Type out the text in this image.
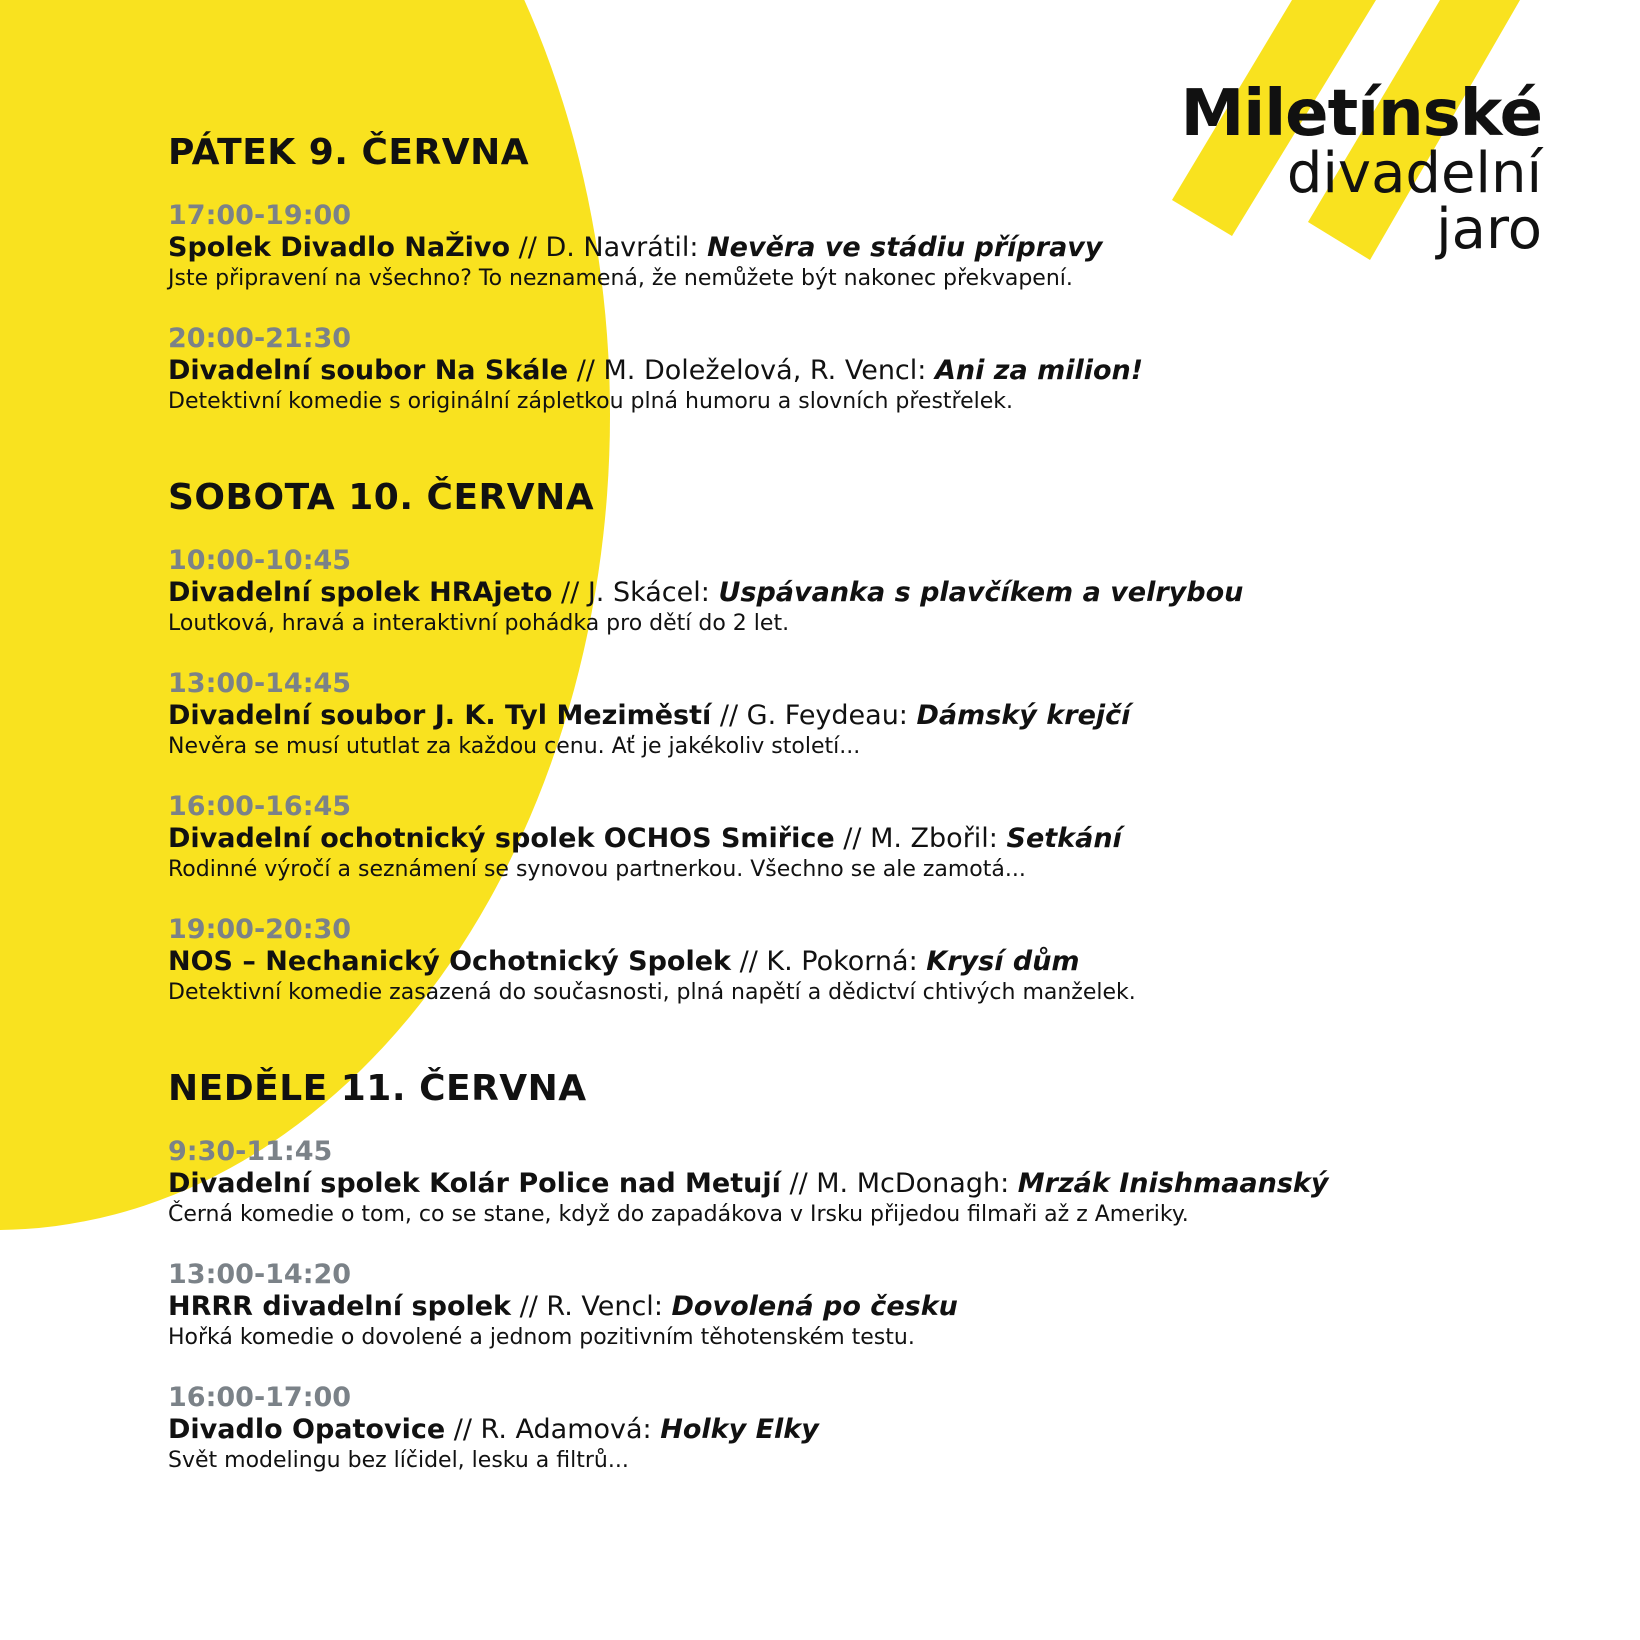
Miletínské
divadelní
jaro
PÁTEK 9. ČERVNA
17:00-19:00
Spolek Divadlo NaŽivo // D. Navrátil: Nevěra ve stádiu přípravy
Jste připravení na všechno? To neznamená, že nemůžete být nakonec překvapení.
20:00-21:30
Divadelní soubor Na Skále // M. Doleželová, R. Vencl: Ani za milion!
Detektivní komedie s originální zápletkou plná humoru a slovních přestřelek.
SOBOTA 10. ČERVNA
10:00-10:45
Divadelní spolek HRAjeto // J. Skácel: Uspávanka s plavčíkem a velrybou
Loutková, hravá a interaktivní pohádka pro dětí do 2 let.
13:00-14:45
Divadelní soubor J. K. Tyl Meziměstí // G. Feydeau: Dámský krejčí
Nevěra se musí ututlat za každou cenu. Ať je jakékoliv století...
16:00-16:45
Divadelní ochotnický spolek OCHOS Smiřice // M. Zbořil: Setkání
Rodinné výročí a seznámení se synovou partnerkou. Všechno se ale zamotá...
19:00-20:30
NOS – Nechanický Ochotnický Spolek // K. Pokorná: Krysí dům
Detektivní komedie zasazená do současnosti, plná napětí a dědictví chtivých manželek.
NEDĚLE 11. ČERVNA
9:30-11:45
Divadelní spolek Kolár Police nad Metují // M. McDonagh: Mrzák Inishmaanský
Černá komedie o tom, co se stane, když do zapadákova v Irsku přijedou filmaři až z Ameriky.
13:00-14:20
HRRR divadelní spolek // R. Vencl: Dovolená po česku
Hořká komedie o dovolené a jednom pozitivním těhotenském testu.
16:00-17:00
Divadlo Opatovice // R. Adamová: Holky Elky
Svět modelingu bez líčidel, lesku a filtrů...
